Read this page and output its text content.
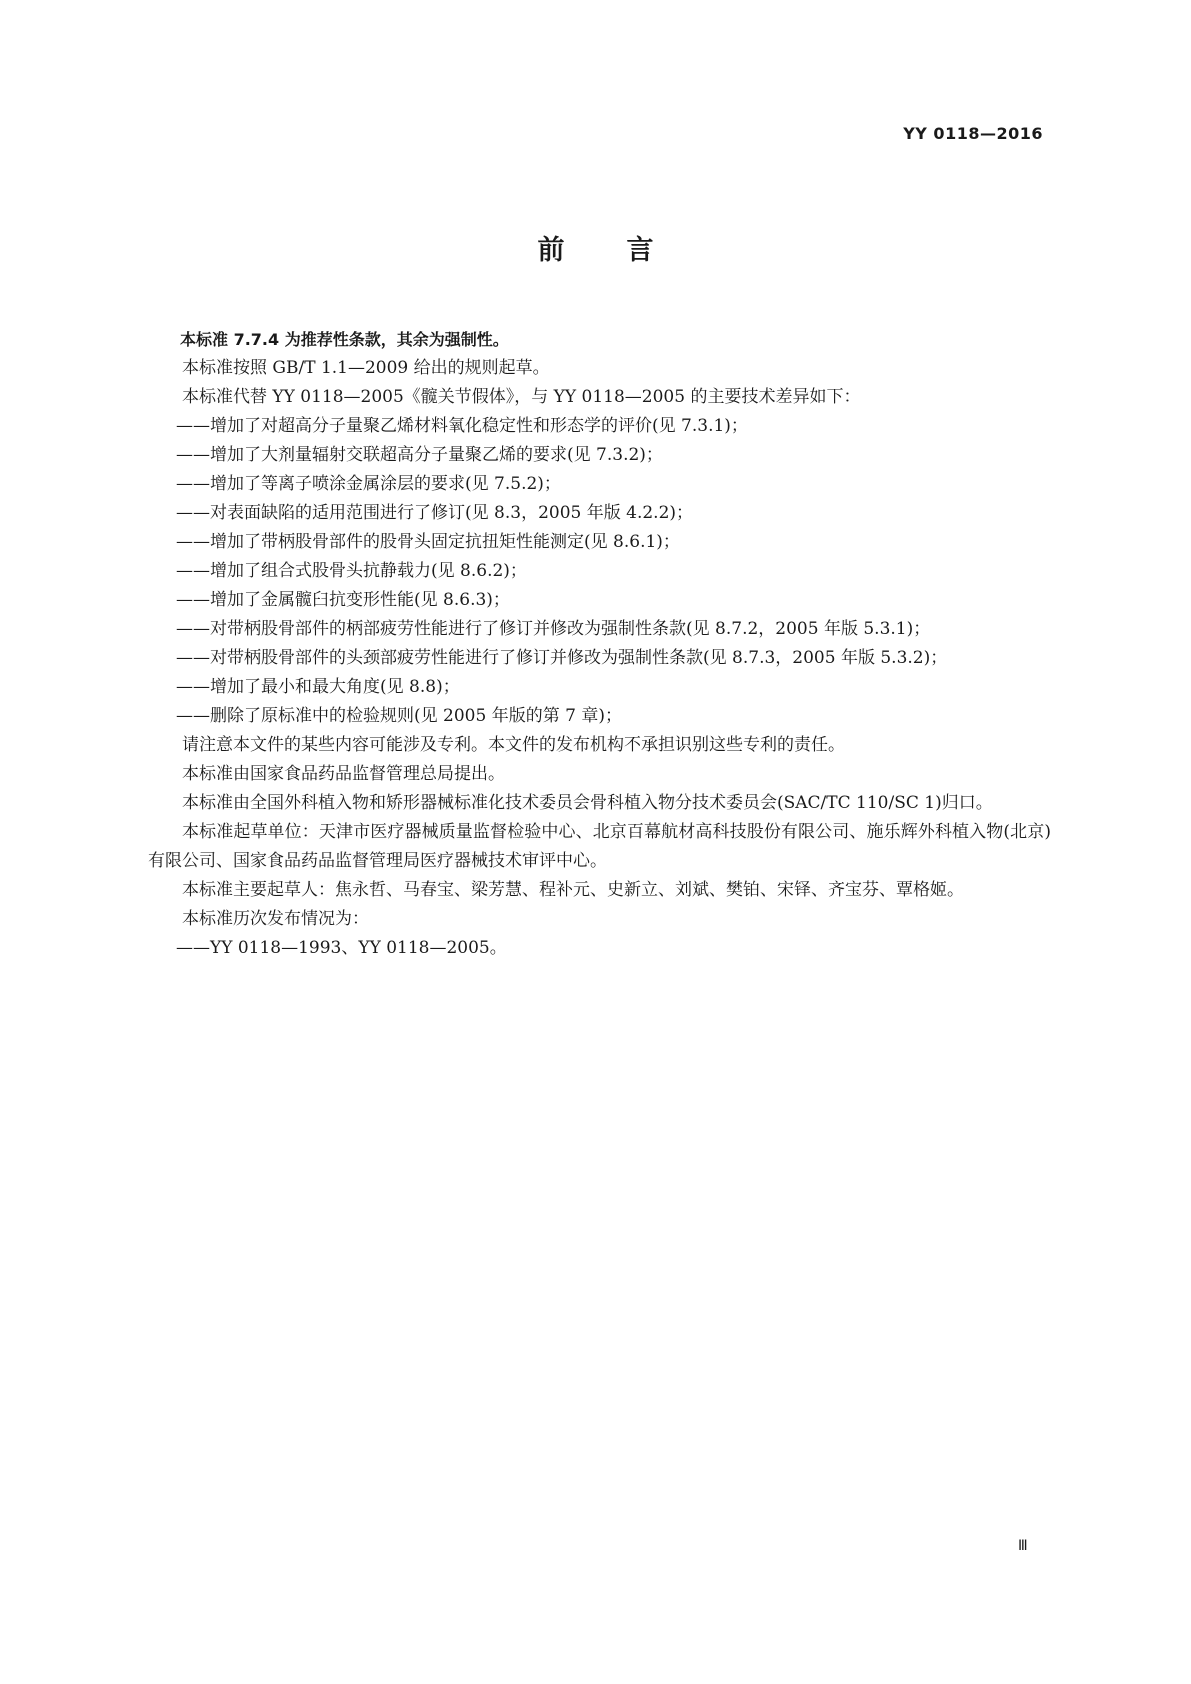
YY 0118—2016
前言

本标准 7.7.4 为推荐性条款，其余为强制性。

本标准按照 GB/T 1.1—2009 给出的规则起草。

本标准代替 YY 0118—2005《髋关节假体》，与 YY 0118—2005 的主要技术差异如下：

——增加了对超高分子量聚乙烯材料氧化稳定性和形态学的评价(见 7.3.1)；

——增加了大剂量辐射交联超高分子量聚乙烯的要求(见 7.3.2)；

——增加了等离子喷涂金属涂层的要求(见 7.5.2)；

——对表面缺陷的适用范围进行了修订(见 8.3，2005 年版 4.2.2)；

——增加了带柄股骨部件的股骨头固定抗扭矩性能测定(见 8.6.1)；

——增加了组合式股骨头抗静载力(见 8.6.2)；

——增加了金属髋臼抗变形性能(见 8.6.3)；

——对带柄股骨部件的柄部疲劳性能进行了修订并修改为强制性条款(见 8.7.2，2005 年版 5.3.1)；

——对带柄股骨部件的头颈部疲劳性能进行了修订并修改为强制性条款(见 8.7.3，2005 年版 5.3.2)；

——增加了最小和最大角度(见 8.8)；

——删除了原标准中的检验规则(见 2005 年版的第 7 章)；

请注意本文件的某些内容可能涉及专利。本文件的发布机构不承担识别这些专利的责任。

本标准由国家食品药品监督管理总局提出。

本标准由全国外科植入物和矫形器械标准化技术委员会骨科植入物分技术委员会(SAC/TC 110/SC 1)归口。

本标准起草单位：天津市医疗器械质量监督检验中心、北京百幕航材高科技股份有限公司、施乐辉外科植入物(北京)有限公司、国家食品药品监督管理局医疗器械技术审评中心。

本标准主要起草人：焦永哲、马春宝、梁芳慧、程补元、史新立、刘斌、樊铂、宋铎、齐宝芬、覃格姬。

本标准历次发布情况为：

——YY 0118—1993、YY 0118—2005。

Ⅲ
